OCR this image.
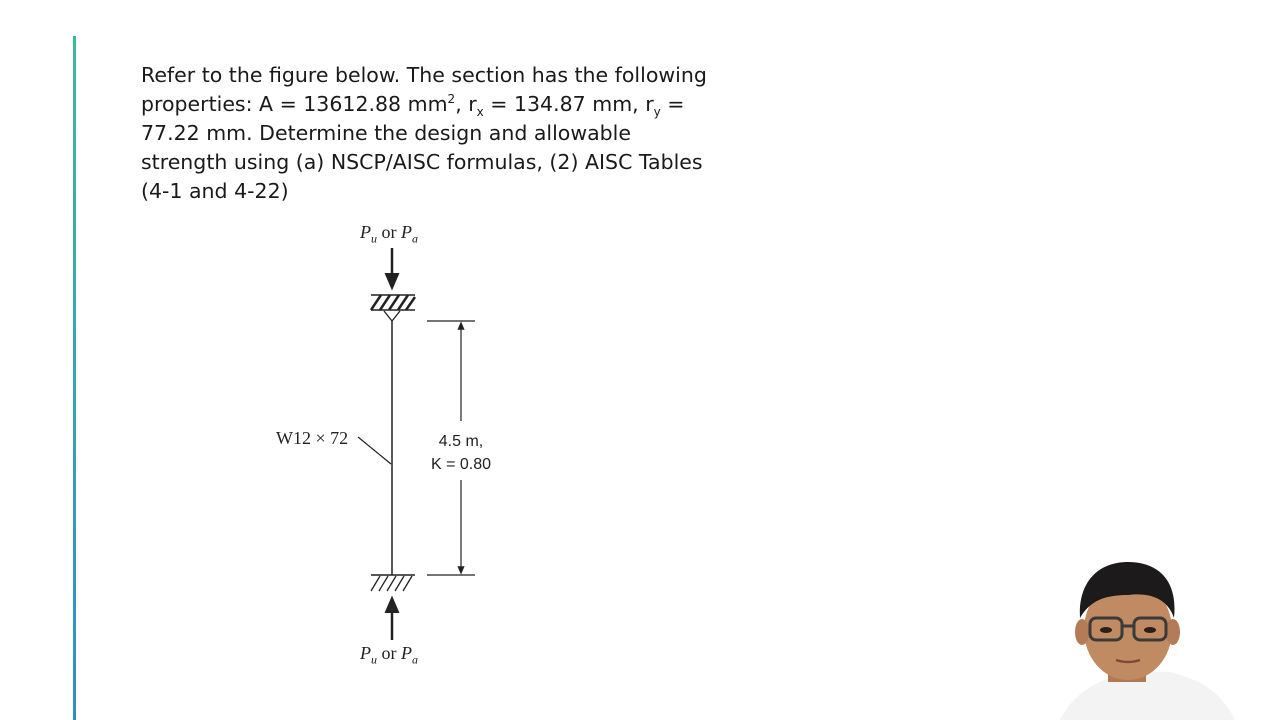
Refer to the figure below. The section has the following
properties: A = 13612.88 $mm^2$, $r_x = 134.87$ mm, $r_y$ =
77.22 mm. Determine the design and allowable
strength using (a) NSCP/AISC formulas, (2) AISC Tables
(4-1 and 4-22)

$P_u$ or $P_a$
W12 × 72	4.5 m,
K = 0.80
$P_u$ or $P_a$
